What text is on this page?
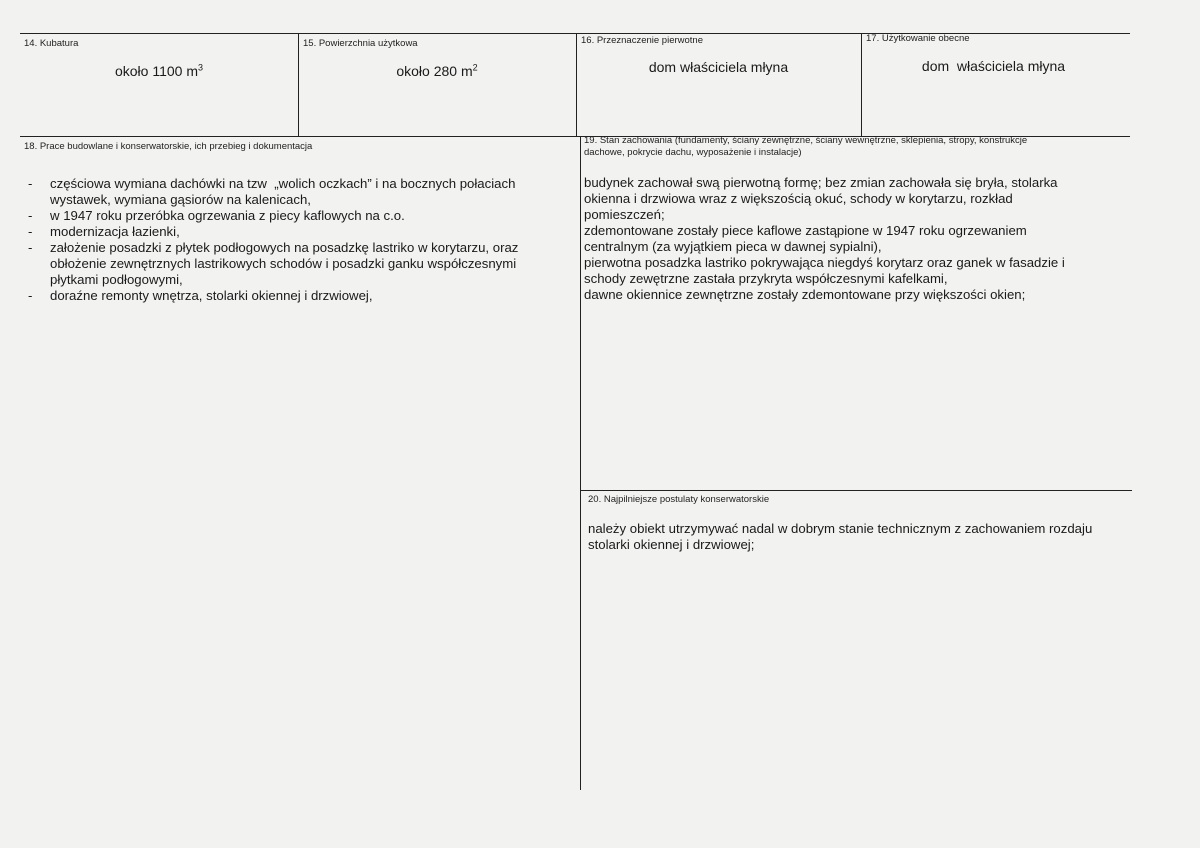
14. Kubatura
około 1100 $m^3$
15. Powierzchnia użytkowa
około 280 $m^2$
16. Przeznaczenie pierwotne
dom właściciela młyna
17. Użytkowanie obecne
dom  właściciela młyna
18. Prace budowlane i konserwatorskie, ich przebieg i dokumentacja
- częściowa wymiana dachówki na tzw  „wolich oczkach” i na bocznych połaciach
wystawek, wymiana gąsiorów na kalenicach,
- w 1947 roku przeróbka ogrzewania z piecy kaflowych na c.o.
- modernizacja łazienki,
- założenie posadzki z płytek podłogowych na posadzkę lastriko w korytarzu, oraz
obłożenie zewnętrznych lastrikowych schodów i posadzki ganku współczesnymi
płytkami podłogowymi,
- doraźne remonty wnętrza, stolarki okiennej i drzwiowej,
19. Stan zachowania (fundamenty, ściany zewnętrzne, ściany wewnętrzne, sklepienia, stropy, konstrukcje
dachowe, pokrycie dachu, wyposażenie i instalacje)
budynek zachował swą pierwotną formę; bez zmian zachowała się bryła, stolarka
okienna i drzwiowa wraz z większością okuć, schody w korytarzu, rozkład
pomieszczeń;
zdemontowane zostały piece kaflowe zastąpione w 1947 roku ogrzewaniem
centralnym (za wyjątkiem pieca w dawnej sypialni),
pierwotna posadzka lastriko pokrywająca niegdyś korytarz oraz ganek w fasadzie i
schody zewętrzne zastała przykryta współczesnymi kafelkami,
dawne okiennice zewnętrzne zostały zdemontowane przy większości okien;
20. Najpilniejsze postulaty konserwatorskie
należy obiekt utrzymywać nadal w dobrym stanie technicznym z zachowaniem rozdaju
stolarki okiennej i drzwiowej;
